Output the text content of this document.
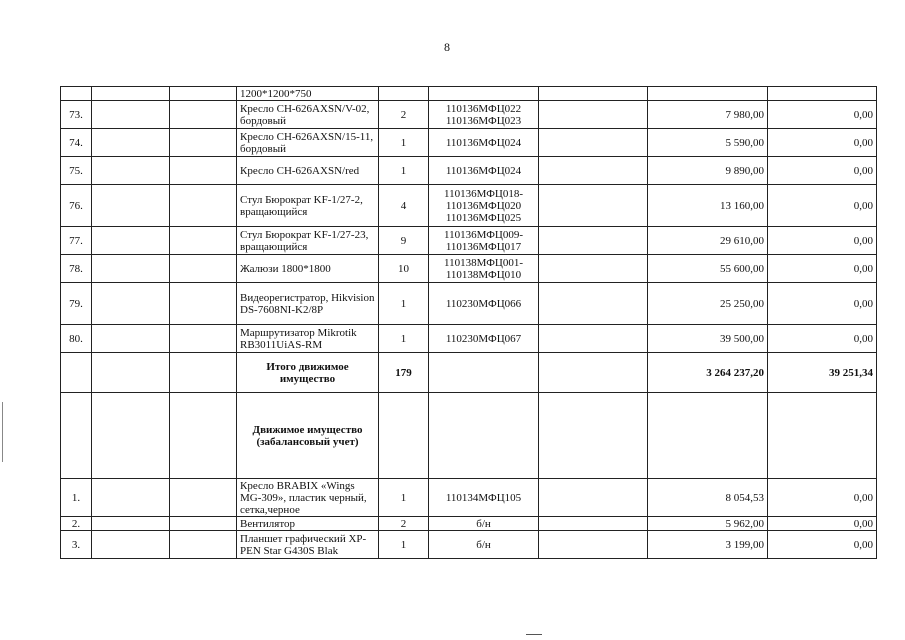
8
			1200*1200*750					
73.			Кресло CH-626AXSN/V-02, бордовый	2	110136МФЦ022
110136МФЦ023		7 980,00	0,00
74.			Кресло CH-626AXSN/15-11, бордовый	1	110136МФЦ024		5 590,00	0,00
75.			Кресло CH-626AXSN/red	1	110136МФЦ024		9 890,00	0,00
76.			Стул Бюрократ KF-1/27-2, вращающийся	4	110136МФЦ018-
110136МФЦ020
110136МФЦ025		13 160,00	0,00
77.			Стул Бюрократ KF-1/27-23, вращающийся	9	110136МФЦ009-
110136МФЦ017		29 610,00	0,00
78.			Жалюзи 1800*1800	10	110138МФЦ001-
110138МФЦ010		55 600,00	0,00
79.			Видеорегистратор, Hikvision DS-7608NI-K2/8P	1	110230МФЦ066		25 250,00	0,00
80.			Маршрутизатор Mikrotik RB3011UiAS-RM	1	110230МФЦ067		39 500,00	0,00
			Итого движимое имущество	179			3 264 237,20	39 251,34
			Движимое имущество (забалансовый учет)					
1.			Кресло BRABIX «Wings MG-309», пластик черный, сетка,черное	1	110134МФЦ105		8 054,53	0,00
2.			Вентилятор	2	б/н		5 962,00	0,00
3.			Планшет графический XP-PEN Star G430S Blak	1	б/н		3 199,00	0,00
